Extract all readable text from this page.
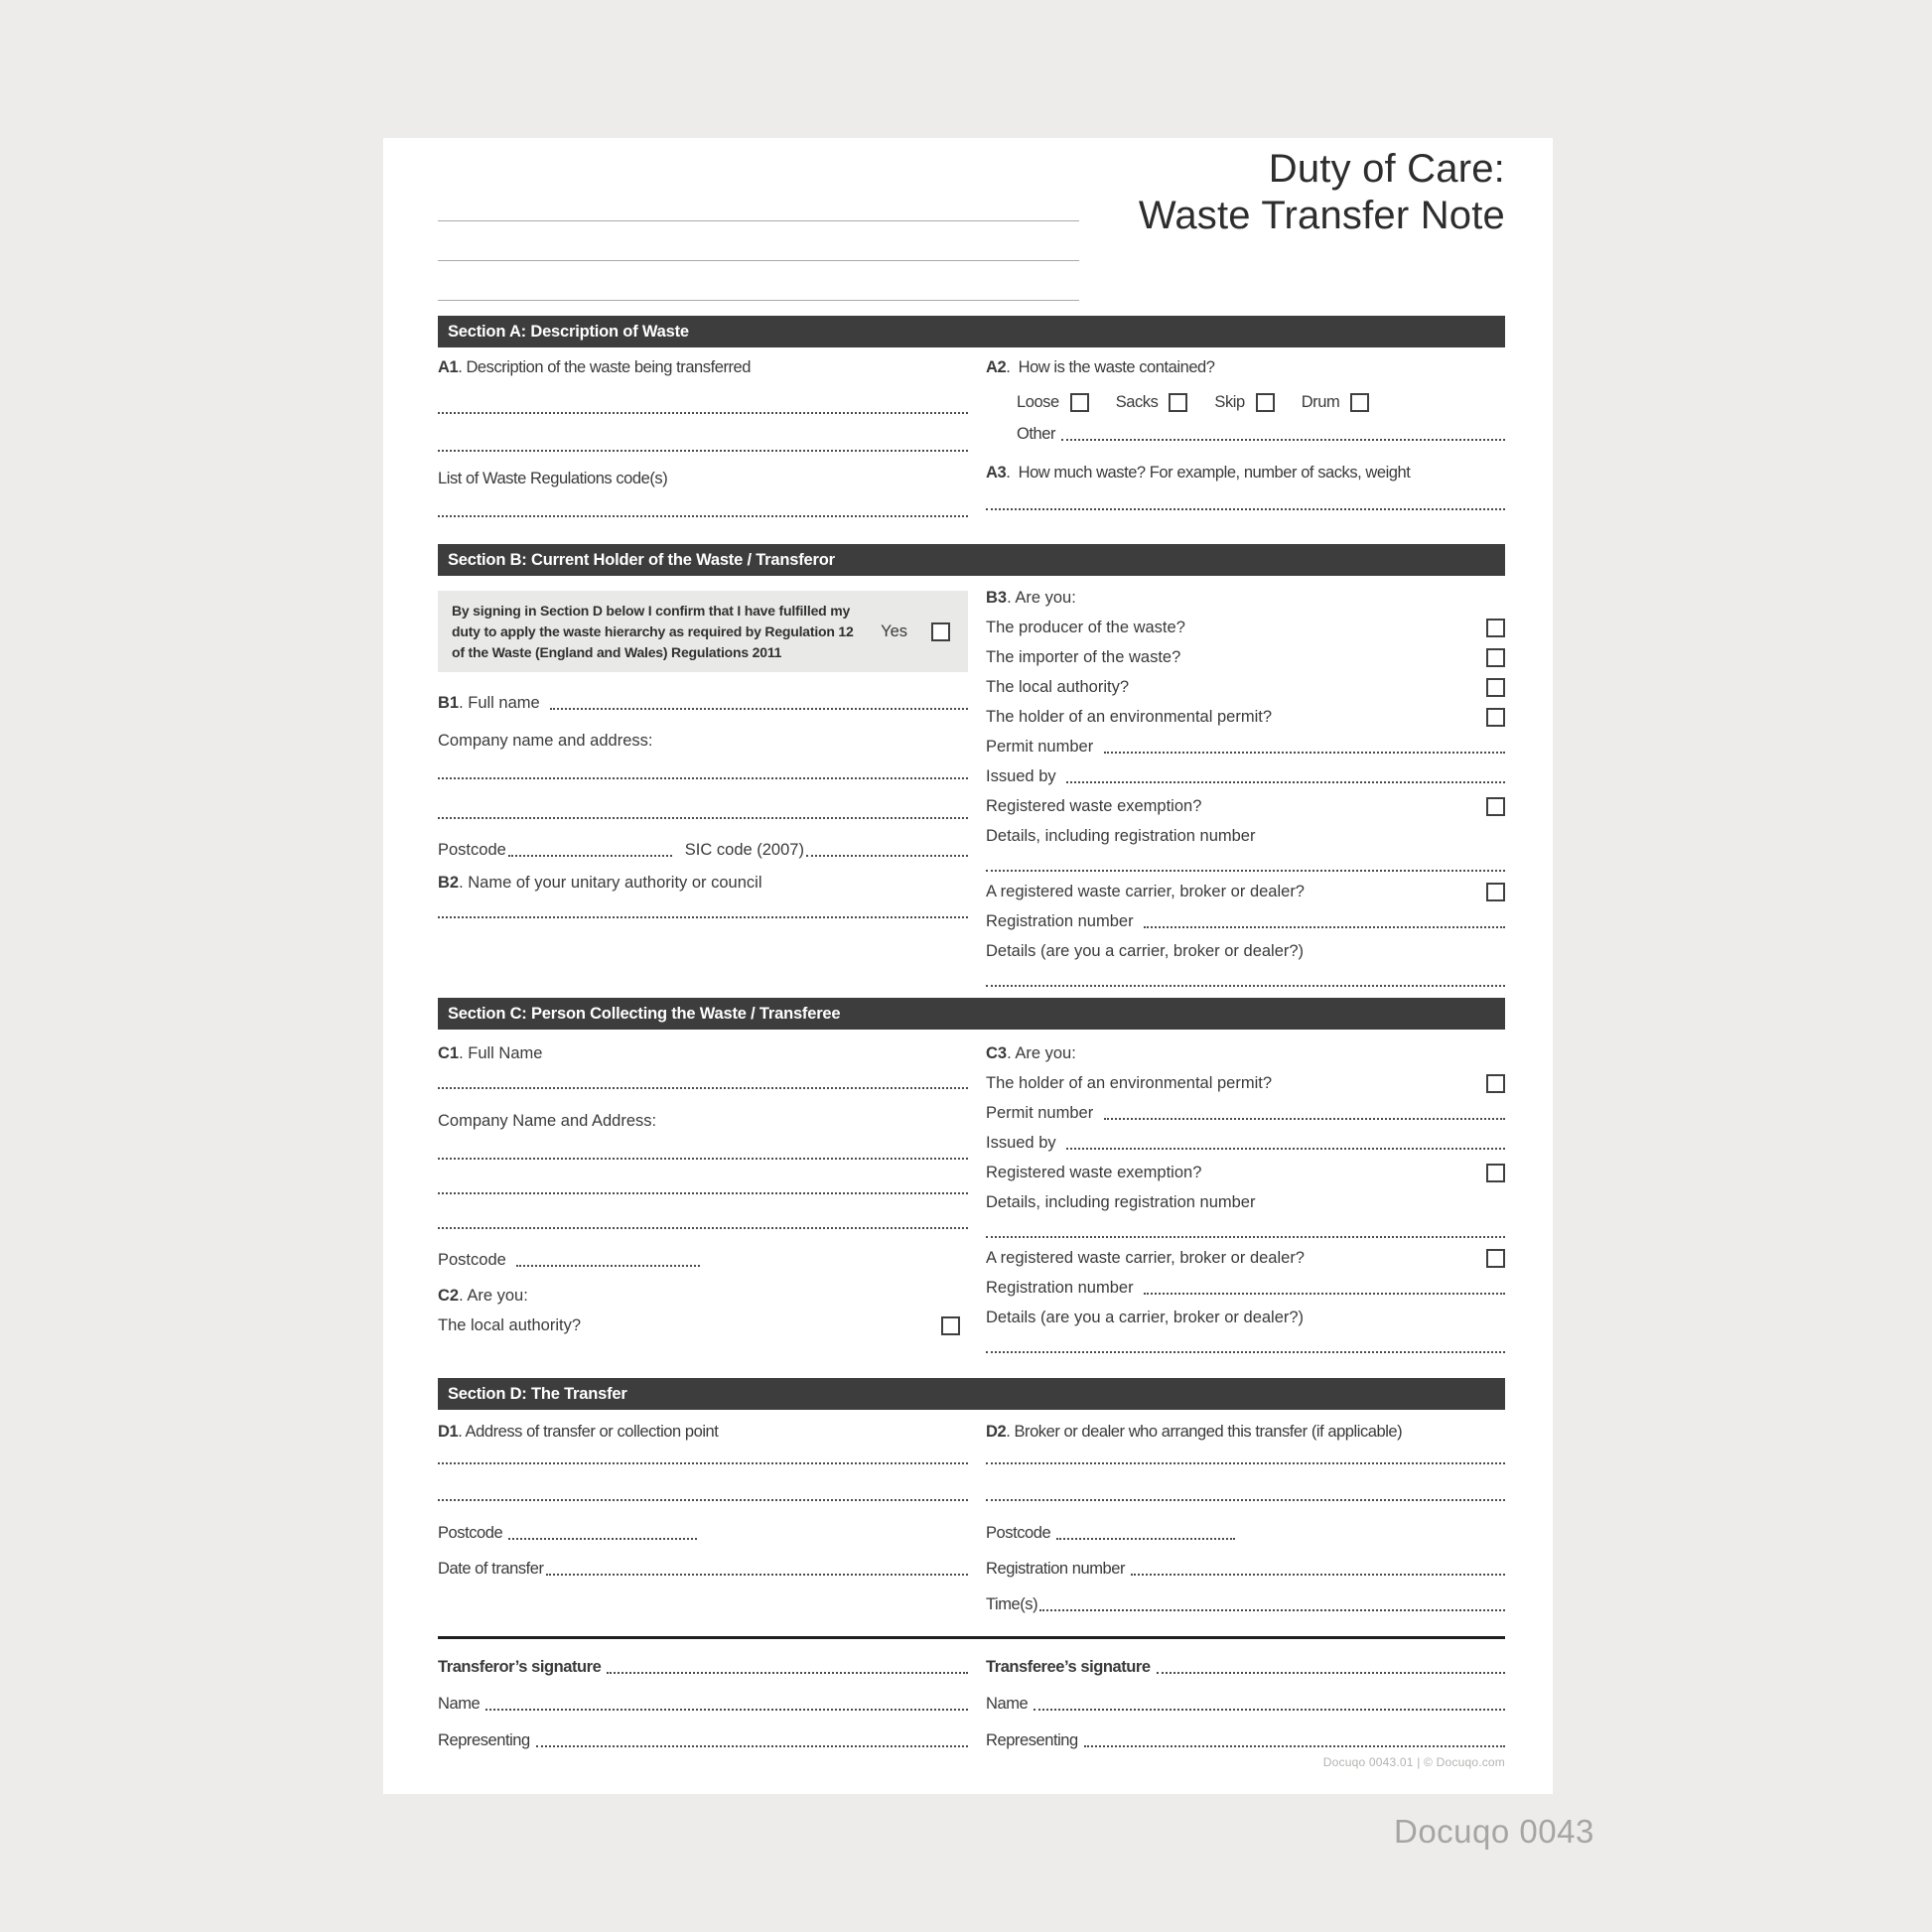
Duty of Care:
Waste Transfer Note
Section A: Description of Waste
A1 . Description of the waste being transferred
List of Waste Regulations code(s)
A2 .  How is the waste contained?
Loose	Sacks	Skip	Drum
Other
A3 .  How much waste? For example, number of sacks, weight
Section B: Current Holder of the Waste / Transferor
By signing in Section D below I confirm that I have fulfilled my
duty to apply the waste hierarchy as required by Regulation 12
of the Waste (England and Wales) Regulations 2011
Yes
B1 . Full name
Company name and address:
Postcode	SIC code (2007)
B2 . Name of your unitary authority or council
B3 . Are you:
The producer of the waste?
The importer of the waste?
The local authority?
The holder of an environmental permit?
Permit number
Issued by
Registered waste exemption?
Details, including registration number
A registered waste carrier, broker or dealer?
Registration number
Details (are you a carrier, broker or dealer?)
Section C: Person Collecting the Waste / Transferee
C1 . Full Name
Company Name and Address:
Postcode
C2 . Are you:
The local authority?
C3 . Are you:
The holder of an environmental permit?
Permit number
Issued by
Registered waste exemption?
Details, including registration number
A registered waste carrier, broker or dealer?
Registration number
Details (are you a carrier, broker or dealer?)
Section D: The Transfer
D1 . Address of transfer or collection point
Postcode
Date of transfer
D2 . Broker or dealer who arranged this transfer (if applicable)
Postcode
Registration number
Time(s)
Transferor’s signature
Name
Representing
Transferee’s signature
Name
Representing
Docuqo 0043.01 | © Docuqo.com
Docuqo 0043
